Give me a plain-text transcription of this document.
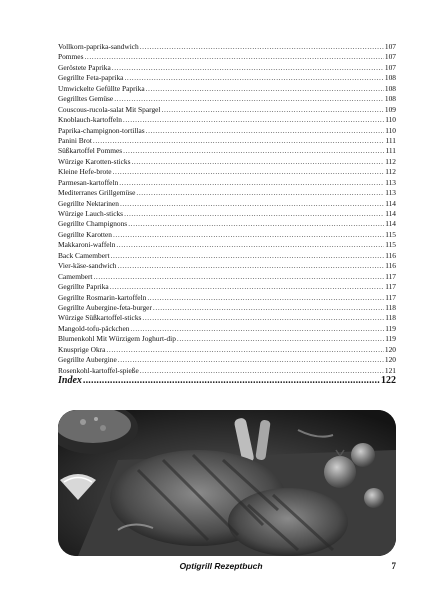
Vollkorn-paprika-sandwich .....	107
Pommes .....	107
Geröstete Paprika .....	107
Gegrillte Feta-paprika .....	108
Umwickelte Gefüllte Paprika .....	108
Gegrilltes Gemüse .....	108
Couscous-rucola-salat Mit Spargel .....	109
Knoblauch-kartoffeln .....	110
Paprika-champignon-tortillas .....	110
Panini Brot .....	111
Süßkartoffel Pommes .....	111
Würzige Karotten-sticks .....	112
Kleine Hefe-brote .....	112
Parmesan-kartoffeln .....	113
Mediterranes Grillgemüse .....	113
Gegrillte Nektarinen .....	114
Würzige Lauch-sticks .....	114
Gegrillte Champignons .....	114
Gegrillte Karotten .....	115
Makkaroni-waffeln .....	115
Back Camembert .....	116
Vier-käse-sandwich .....	116
Camembert .....	117
Gegrillte Paprika .....	117
Gegrillte Rosmarin-kartoffeln .....	117
Gegrillte Aubergine-feta-burger .....	118
Würzige Süßkartoffel-sticks .....	118
Mangold-tofu-päckchen .....	119
Blumenkohl Mit Würzigem Joghurt-dip .....	119
Knusprige Okra .....	120
Gegrillte Aubergine .....	120
Rosenkohl-kartoffel-spieße .....	121
Index .....	122
Optigrill Rezeptbuch	7
